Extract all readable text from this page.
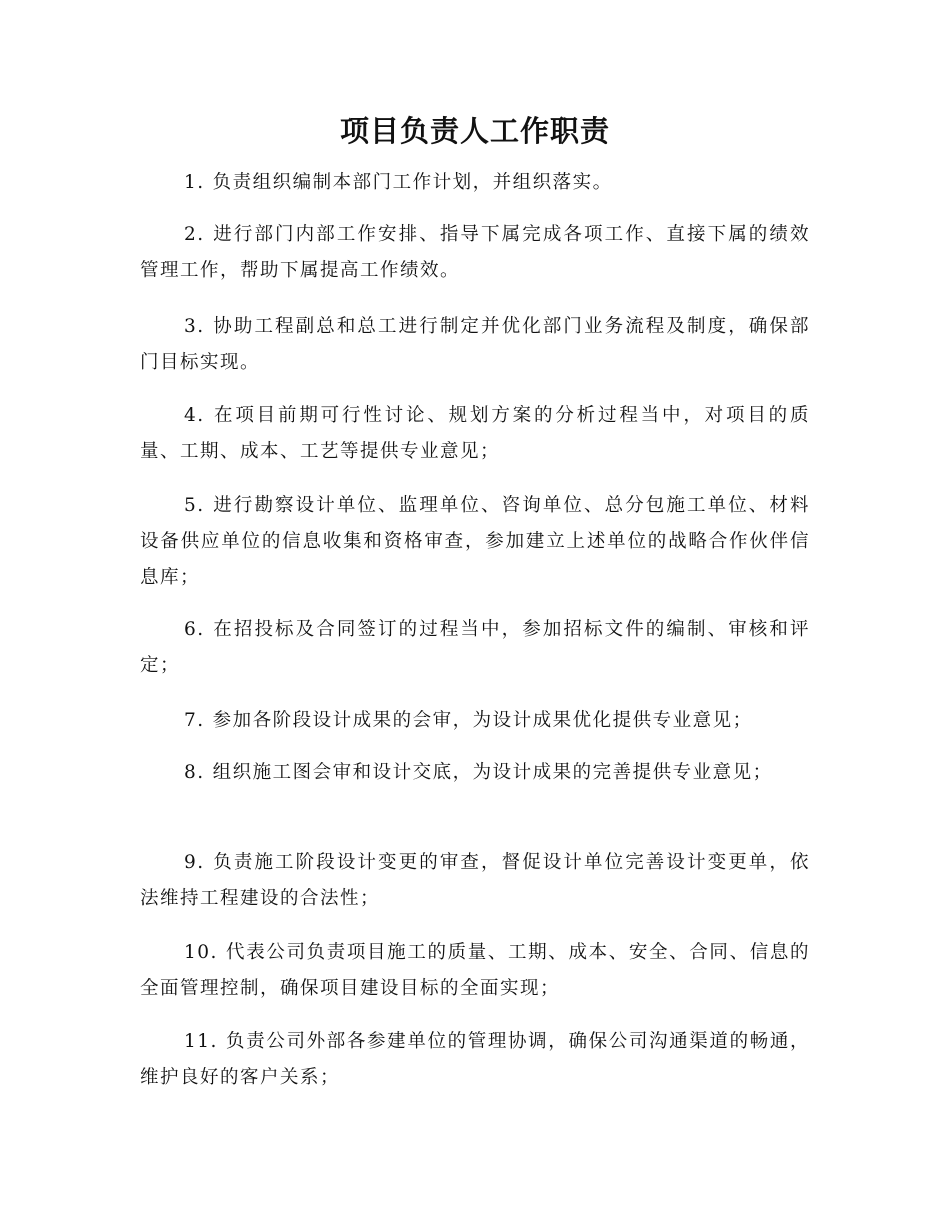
项目负责人工作职责

1. 负责组织编制本部门工作计划，并组织落实。

2. 进行部门内部工作安排、指导下属完成各项工作、直接下属的绩效管理工作，帮助下属提高工作绩效。

3. 协助工程副总和总工进行制定并优化部门业务流程及制度，确保部门目标实现。

4. 在项目前期可行性讨论、规划方案的分析过程当中，对项目的质量、工期、成本、工艺等提供专业意见；

5. 进行勘察设计单位、监理单位、咨询单位、总分包施工单位、材料设备供应单位的信息收集和资格审查，参加建立上述单位的战略合作伙伴信息库；

6. 在招投标及合同签订的过程当中，参加招标文件的编制、审核和评定；

7. 参加各阶段设计成果的会审，为设计成果优化提供专业意见；

8. 组织施工图会审和设计交底，为设计成果的完善提供专业意见；

9. 负责施工阶段设计变更的审查，督促设计单位完善设计变更单，依法维持工程建设的合法性；

10. 代表公司负责项目施工的质量、工期、成本、安全、合同、信息的全面管理控制，确保项目建设目标的全面实现；

11. 负责公司外部各参建单位的管理协调，确保公司沟通渠道的畅通，维护良好的客户关系；
